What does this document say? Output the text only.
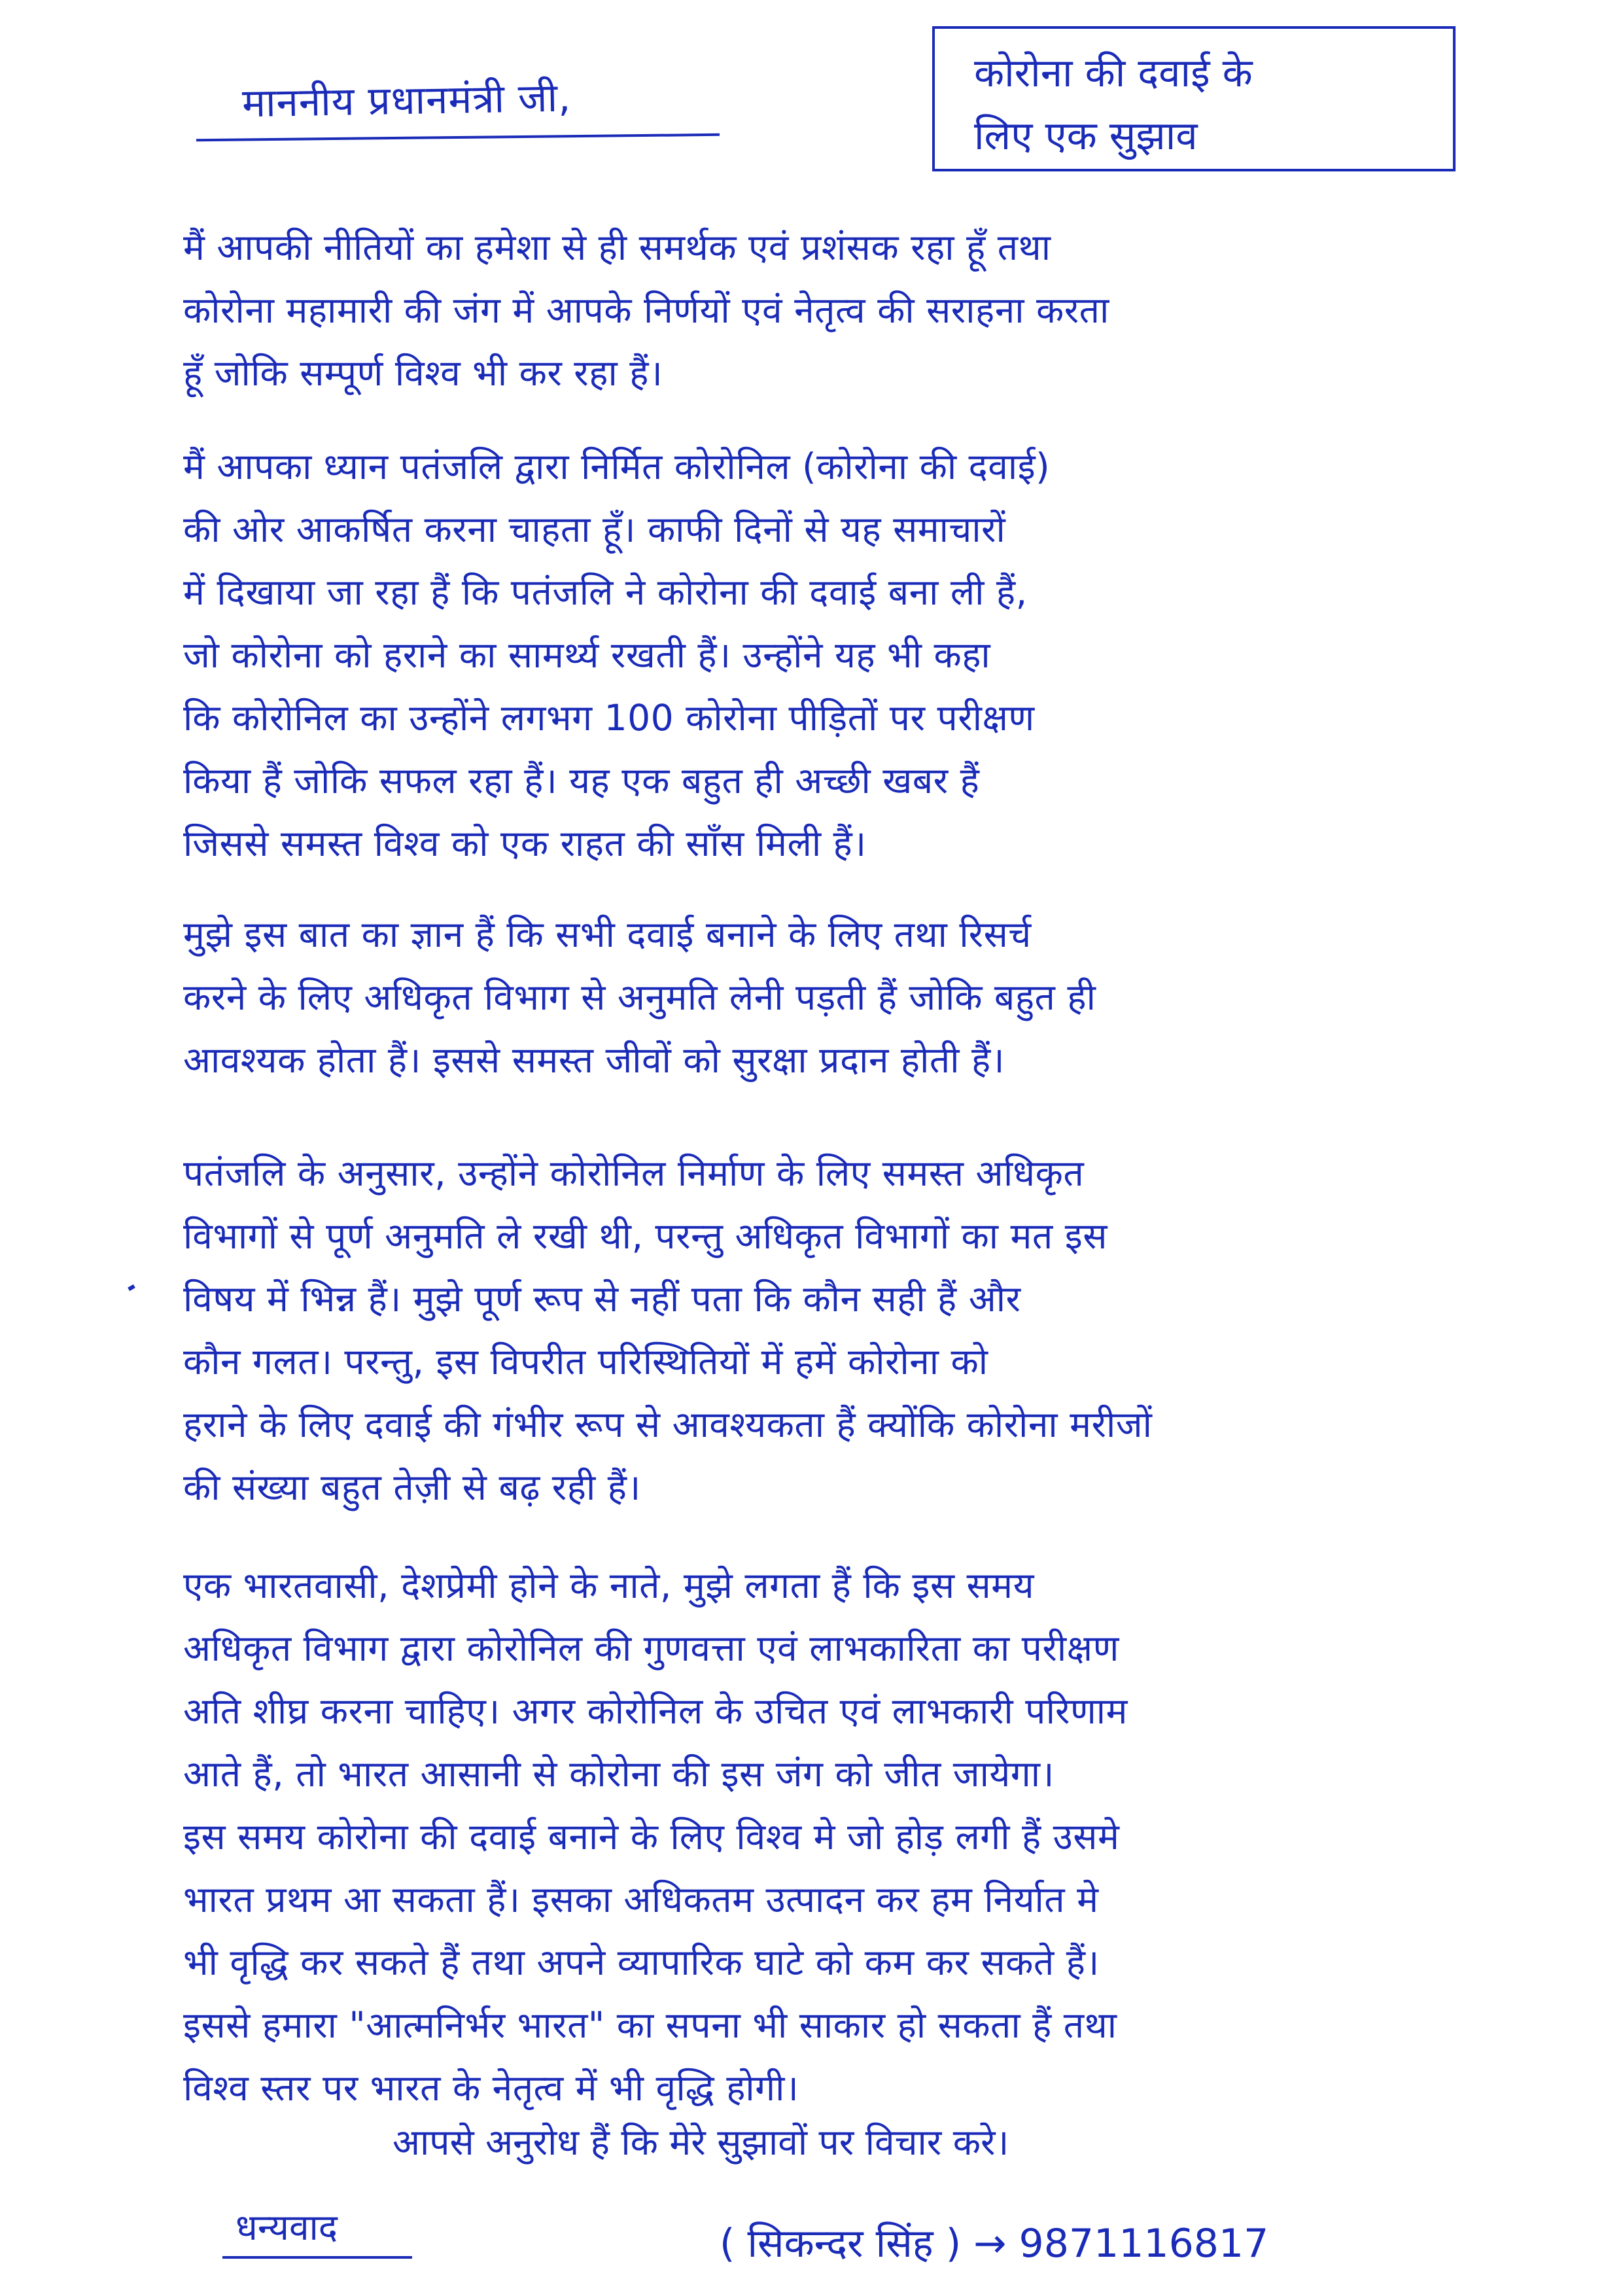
माननीय प्रधानमंत्री जी,
कोरोना की दवाई के
लिए एक सुझाव
मैं आपकी नीतियों का हमेशा से ही समर्थक एवं प्रशंसक रहा हूँ तथा
कोरोना महामारी की जंग में आपके निर्णयों एवं नेतृत्व की सराहना करता
हूँ जोकि सम्पूर्ण विश्व भी कर रहा हैं।
मैं आपका ध्यान पतंजलि द्वारा निर्मित कोरोनिल (कोरोना की दवाई)
की ओर आकर्षित करना चाहता हूँ। काफी दिनों से यह समाचारों
में दिखाया जा रहा हैं कि पतंजलि ने कोरोना की दवाई बना ली हैं,
जो कोरोना को हराने का सामर्थ्य रखती हैं। उन्होंने यह भी कहा
कि कोरोनिल का उन्होंने लगभग 100 कोरोना पीड़ितों पर परीक्षण
किया हैं जोकि सफल रहा हैं। यह एक बहुत ही अच्छी खबर हैं
जिससे समस्त विश्व को एक राहत की साँस मिली हैं।
मुझे इस बात का ज्ञान हैं कि सभी दवाई बनाने के लिए तथा रिसर्च
करने के लिए अधिकृत विभाग से अनुमति लेनी पड़ती हैं जोकि बहुत ही
आवश्यक होता हैं। इससे समस्त जीवों को सुरक्षा प्रदान होती हैं।
पतंजलि के अनुसार, उन्होंने कोरोनिल निर्माण के लिए समस्त अधिकृत
विभागों से पूर्ण अनुमति ले रखी थी, परन्तु अधिकृत विभागों का मत इस
विषय में भिन्न हैं। मुझे पूर्ण रूप से नहीं पता कि कौन सही हैं और
कौन गलत। परन्तु, इस विपरीत परिस्थितियों में हमें कोरोना को
हराने के लिए दवाई की गंभीर रूप से आवश्यकता हैं क्योंकि कोरोना मरीजों
की संख्या बहुत तेज़ी से बढ़ रही हैं।
एक भारतवासी, देशप्रेमी होने के नाते, मुझे लगता हैं कि इस समय
अधिकृत विभाग द्वारा कोरोनिल की गुणवत्ता एवं लाभकारिता का परीक्षण
अति शीघ्र करना चाहिए। अगर कोरोनिल के उचित एवं लाभकारी परिणाम
आते हैं, तो भारत आसानी से कोरोना की इस जंग को जीत जायेगा।
इस समय कोरोना की दवाई बनाने के लिए विश्व मे जो होड़ लगी हैं उसमे
भारत प्रथम आ सकता हैं। इसका अधिकतम उत्पादन कर हम निर्यात मे
भी वृद्धि कर सकते हैं तथा अपने व्यापारिक घाटे को कम कर सकते हैं।
इससे हमारा "आत्मनिर्भर भारत" का सपना भी साकार हो सकता हैं तथा
विश्व स्तर पर भारत के नेतृत्व में भी वृद्धि होगी।
आपसे अनुरोध हैं कि मेरे सुझावों पर विचार करे।
धन्यवाद	( सिकन्दर सिंह ) → 9871116817
